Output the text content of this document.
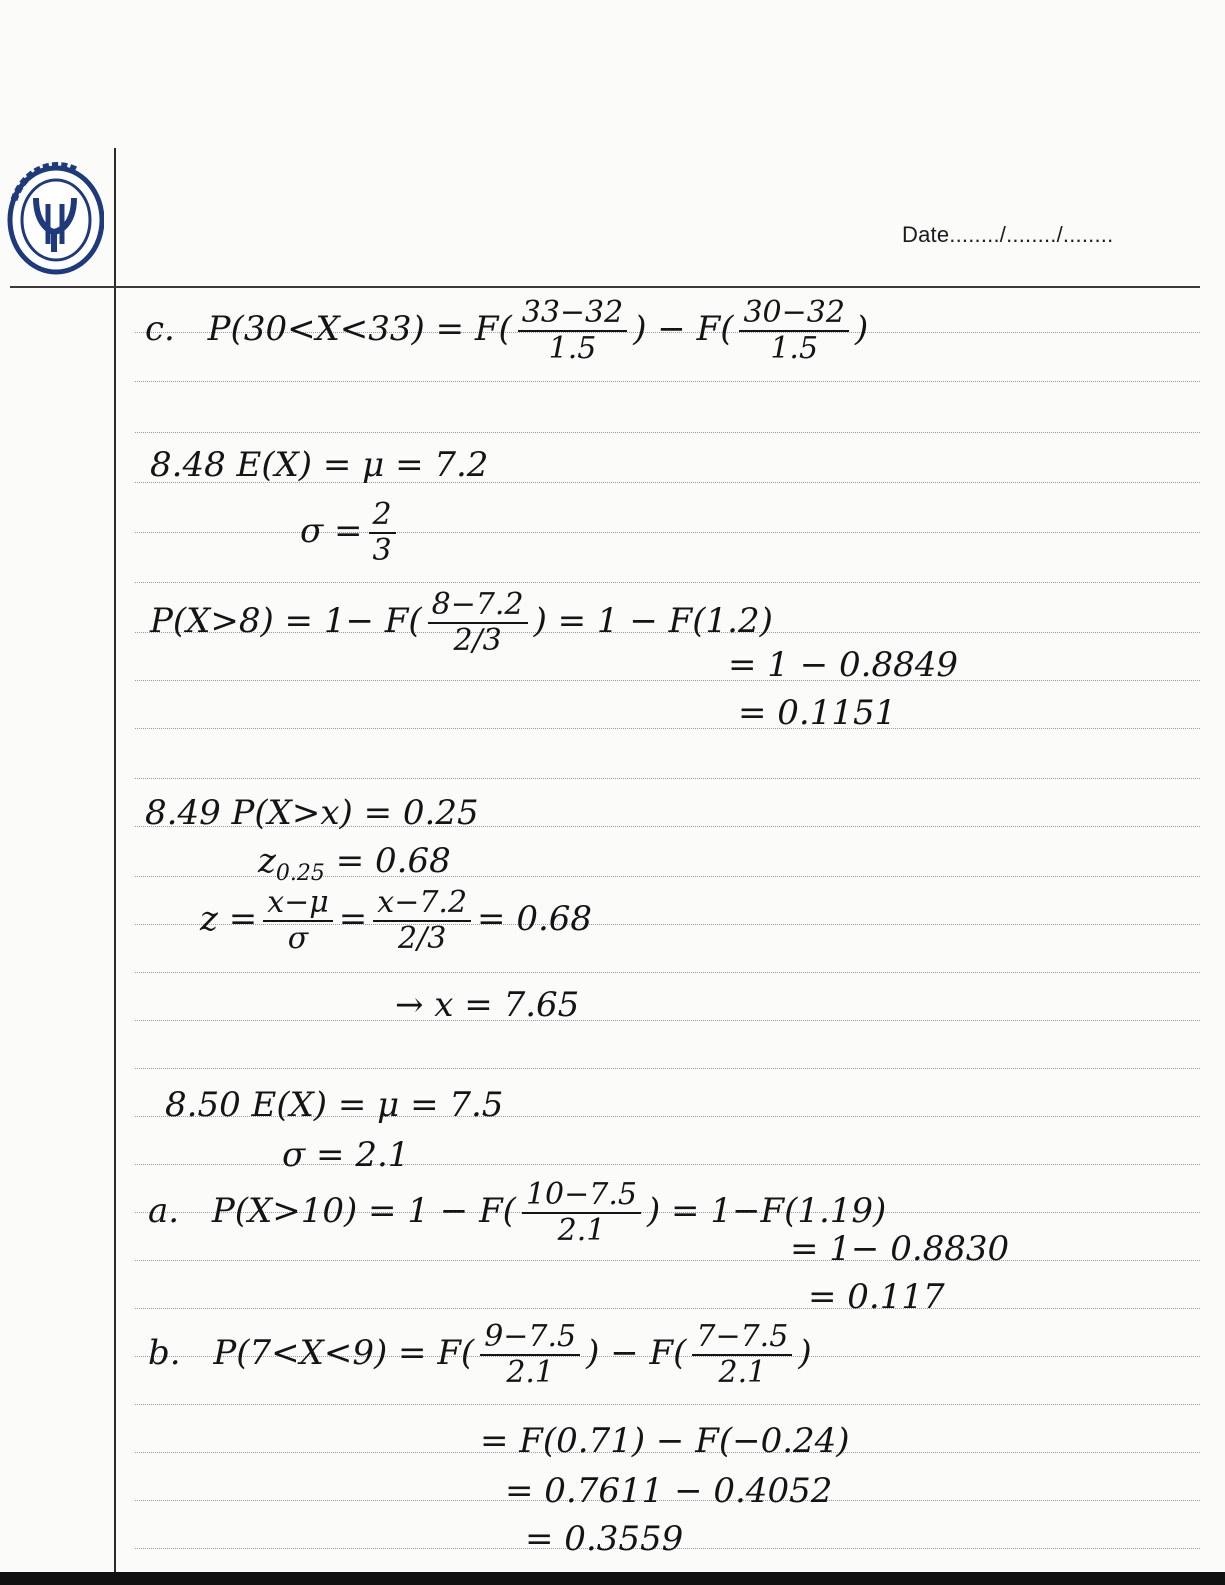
Date......../......../........
c. $P(30<X<33) = F( \frac{33-32}{1.5}$ ) − $F( \frac{30-32}{1.5}$ )
8.48 E(X) = μ = 7.2
$\sigma = \frac{2}{3}$
$P(X>8) = 1- F( \frac{8-7.2}{2/3}$ ) = 1 − F(1.2)
= 1 − 0.8849
= 0.1151
8.49 P(X>x) = 0.25
$z_{0.25} = 0.68$
$z = \frac{x-\mu}{\sigma} = \frac{x-7.2}{2/3} = 0.68$
→ x = 7.65
8.50 E(X) = μ = 7.5
σ = 2.1
a. $P(X>10) = 1 - F( \frac{10-7.5}{2.1}$ ) = 1−F(1.19)
= 1− 0.8830
= 0.117
b. $P(7<X<9) = F( \frac{9-7.5}{2.1}$ ) − $F( \frac{7-7.5}{2.1}$ )
= F(0.71) − F(−0.24)
= 0.7611 − 0.4052
= 0.3559
